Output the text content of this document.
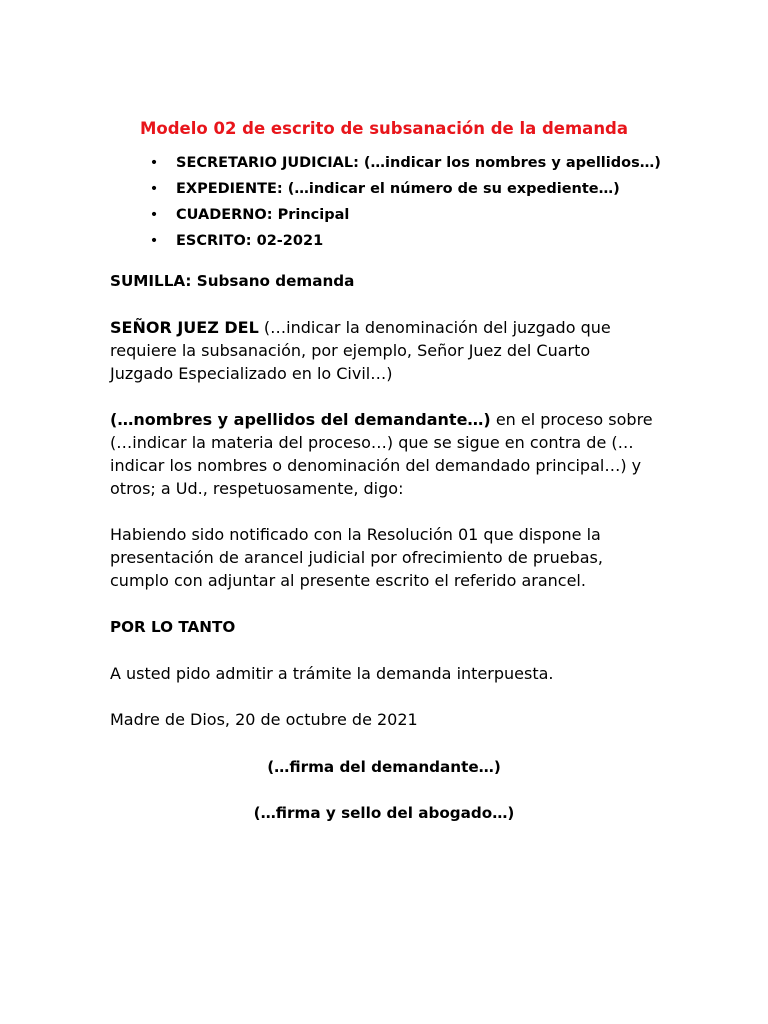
Modelo 02 de escrito de subsanación de la demanda
• SECRETARIO JUDICIAL: (…indicar los nombres y apellidos…)
• EXPEDIENTE: (…indicar el número de su expediente…)
• CUADERNO: Principal
• ESCRITO: 02-2021

SUMILLA: Subsano demanda

SEÑOR JUEZ DEL (…indicar la denominación del juzgado que requiere la subsanación, por ejemplo, Señor Juez del Cuarto Juzgado Especializado en lo Civil…)

(…nombres y apellidos del demandante…) en el proceso sobre (…indicar la materia del proceso…) que se sigue en contra de (…indicar los nombres o denominación del demandado principal…) y otros; a Ud., respetuosamente, digo:

Habiendo sido notificado con la Resolución 01 que dispone la presentación de arancel judicial por ofrecimiento de pruebas, cumplo con adjuntar al presente escrito el referido arancel.

POR LO TANTO

A usted pido admitir a trámite la demanda interpuesta.

Madre de Dios, 20 de octubre de 2021

(…firma del demandante…)

(…firma y sello del abogado…)
